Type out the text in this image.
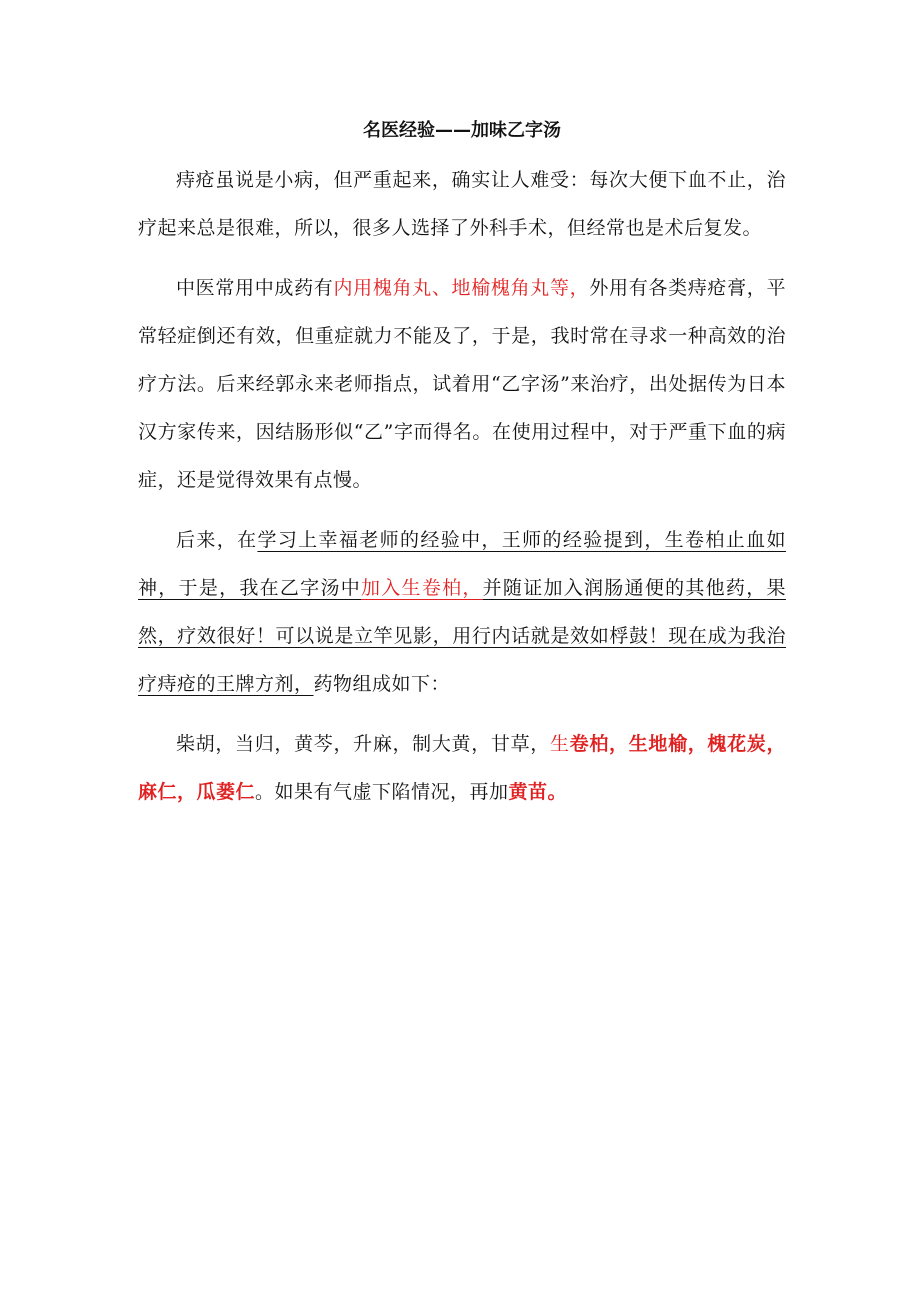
名医经验——加味乙字汤

痔疮虽说是小病，但严重起来，确实让人难受：每次大便下血不止，治疗起来总是很难，所以，很多人选择了外科手术，但经常也是术后复发。

中医常用中成药有内用槐角丸、地榆槐角丸等，外用有各类痔疮膏，平常轻症倒还有效，但重症就力不能及了，于是，我时常在寻求一种高效的治疗方法。后来经郭永来老师指点，试着用“乙字汤”来治疗，出处据传为日本汉方家传来，因结肠形似“乙”字而得名。在使用过程中，对于严重下血的病症，还是觉得效果有点慢。

后来，在学习上幸福老师的经验中，王师的经验提到，生卷柏止血如神，于是，我在乙字汤中加入生卷柏，并随证加入润肠通便的其他药，果然，疗效很好！可以说是立竿见影，用行内话就是效如桴鼓！现在成为我治疗痔疮的王牌方剂，药物组成如下：

柴胡，当归，黄芩，升麻，制大黄，甘草，生卷柏，生地榆，槐花炭，麻仁，瓜蒌仁。如果有气虚下陷情况，再加黄苗。
